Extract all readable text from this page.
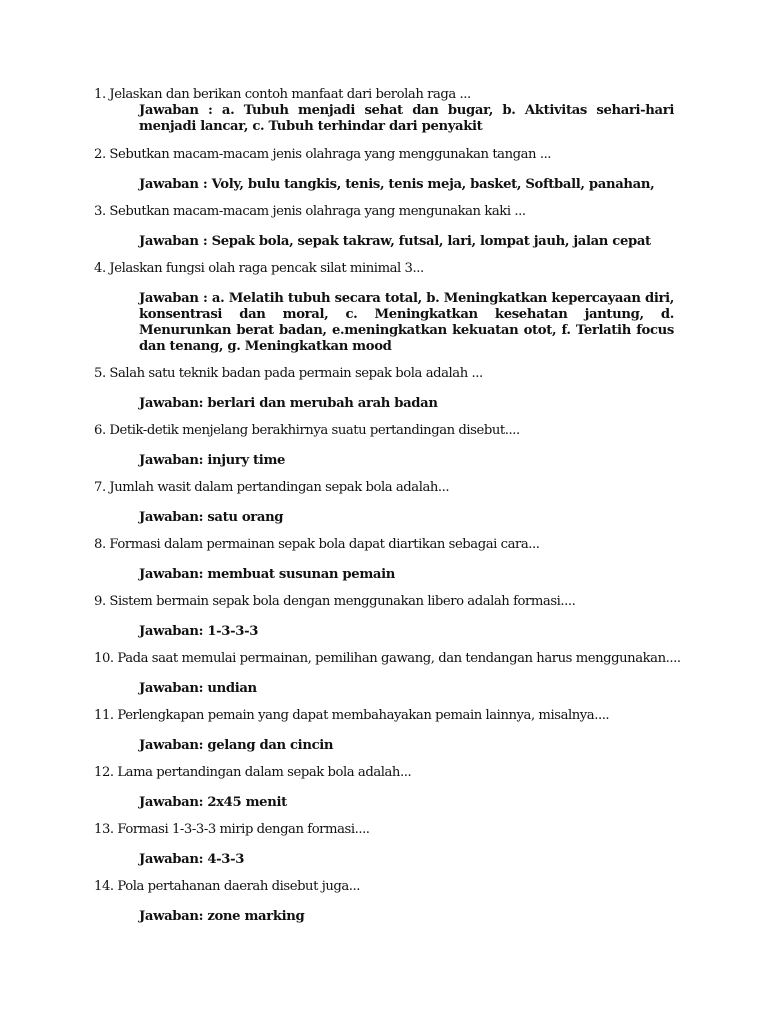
1. Jelaskan dan berikan contoh manfaat dari berolah raga ...

Jawaban : a. Tubuh menjadi sehat dan bugar, b. Aktivitas sehari-hari menjadi lancar, c. Tubuh terhindar dari penyakit

2. Sebutkan macam-macam jenis olahraga yang menggunakan tangan ...

Jawaban : Voly, bulu tangkis, tenis, tenis meja, basket, Softball, panahan,

3. Sebutkan macam-macam jenis olahraga yang mengunakan kaki ...

Jawaban : Sepak bola, sepak takraw, futsal, lari, lompat jauh, jalan cepat

4. Jelaskan fungsi olah raga pencak silat minimal 3...

Jawaban : a. Melatih tubuh secara total, b. Meningkatkan kepercayaan diri, konsentrasi dan moral, c. Meningkatkan kesehatan jantung, d. Menurunkan berat badan, e.meningkatkan kekuatan otot, f. Terlatih focus dan tenang, g. Meningkatkan mood

5. Salah satu teknik badan pada permain sepak bola adalah ...

Jawaban: berlari dan merubah arah badan

6. Detik-detik menjelang berakhirnya suatu pertandingan disebut....

Jawaban: injury time

7. Jumlah wasit dalam pertandingan sepak bola adalah...

Jawaban: satu orang

8. Formasi dalam permainan sepak bola dapat diartikan sebagai cara...

Jawaban: membuat susunan pemain

9. Sistem bermain sepak bola dengan menggunakan libero adalah formasi....

Jawaban: 1-3-3-3

10. Pada saat memulai permainan, pemilihan gawang, dan tendangan harus menggunakan....

Jawaban: undian

11. Perlengkapan pemain yang dapat membahayakan pemain lainnya, misalnya....

Jawaban: gelang dan cincin

12. Lama pertandingan dalam sepak bola adalah...

Jawaban: 2x45 menit

13. Formasi 1-3-3-3 mirip dengan formasi....

Jawaban: 4-3-3

14. Pola pertahanan daerah disebut juga...

Jawaban: zone marking
